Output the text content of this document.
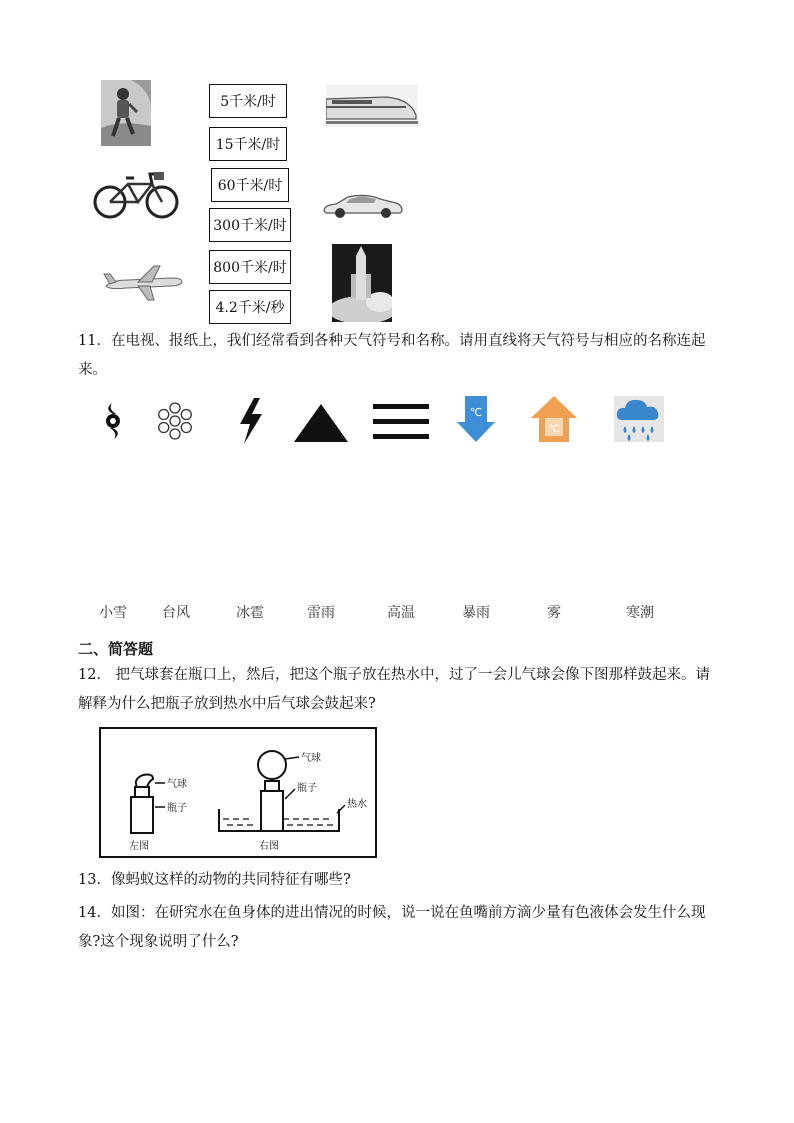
5千米/时
15千米/时
60千米/时
300千米/时
800千米/时
4.2千米/秒
11．在电视、报纸上，我们经常看到各种天气符号和名称。请用直线将天气符号与相应的名称连起
来。
℃
℃
小雪	台风	冰雹	雷雨	高温	暴雨	雾	寒潮
二、简答题
12． 把气球套在瓶口上，然后，把这个瓶子放在热水中，过了一会儿气球会像下图那样鼓起来。请
解释为什么把瓶子放到热水中后气球会鼓起来?
气球
瓶子
左图
气球
瓶子
热水
右图
13．像蚂蚁这样的动物的共同特征有哪些?
14．如图：在研究水在鱼身体的进出情况的时候，说一说在鱼嘴前方滴少量有色液体会发生什么现
象?这个现象说明了什么?
